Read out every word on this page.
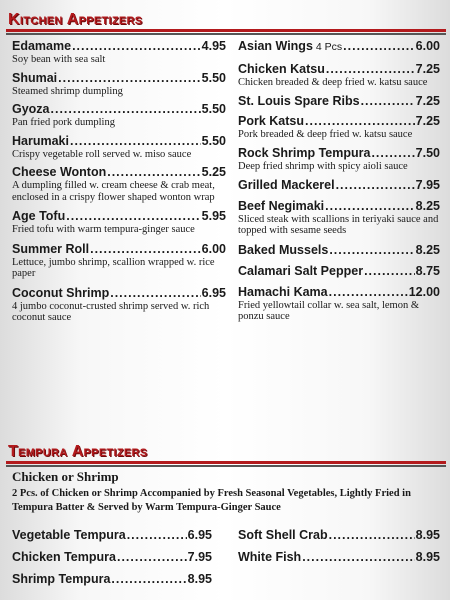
Kitchen Appetizers
Edamame .....	4.95
Soy bean with sea salt
Shumai .....	5.50
Steamed shrimp dumpling
Gyoza .....	5.50
Pan fried pork dumpling
Harumaki .....	5.50
Crispy vegetable roll served w. miso sauce
Cheese Wonton .....	5.25
A dumpling filled w. cream cheese & crab meat, enclosed in a crispy flower shaped wonton wrap
Age Tofu .....	5.95
Fried tofu with warm tempura-ginger sauce
Summer Roll .....	6.00
Lettuce, jumbo shrimp, scallion wrapped w. rice paper
Coconut Shrimp .....	6.95
4 jumbo coconut-crusted shrimp served w. rich coconut sauce
Asian Wings 4 Pcs .....	6.00
Chicken Katsu .....	7.25
Chicken breaded & deep fried w. katsu sauce
St. Louis Spare Ribs .....	7.25
Pork Katsu .....	7.25
Pork breaded & deep fried w. katsu sauce
Rock Shrimp Tempura .....	7.50
Deep fried shrimp with spicy aioli sauce
Grilled Mackerel .....	7.95
Beef Negimaki .....	8.25
Sliced steak with scallions in teriyaki sauce and topped with sesame seeds
Baked Mussels .....	8.25
Calamari Salt Pepper .....	8.75
Hamachi Kama .....	12.00
Fried yellowtail collar w. sea salt, lemon & ponzu sauce
Tempura Appetizers
Chicken or Shrimp
2 Pcs. of Chicken or Shrimp Accompanied by Fresh Seasonal Vegetables, Lightly Fried in Tempura Batter & Served by Warm Tempura-Ginger Sauce
Vegetable Tempura .....	6.95
Chicken Tempura .....	7.95
Shrimp Tempura .....	8.95
Soft Shell Crab .....	8.95
White Fish .....	8.95
